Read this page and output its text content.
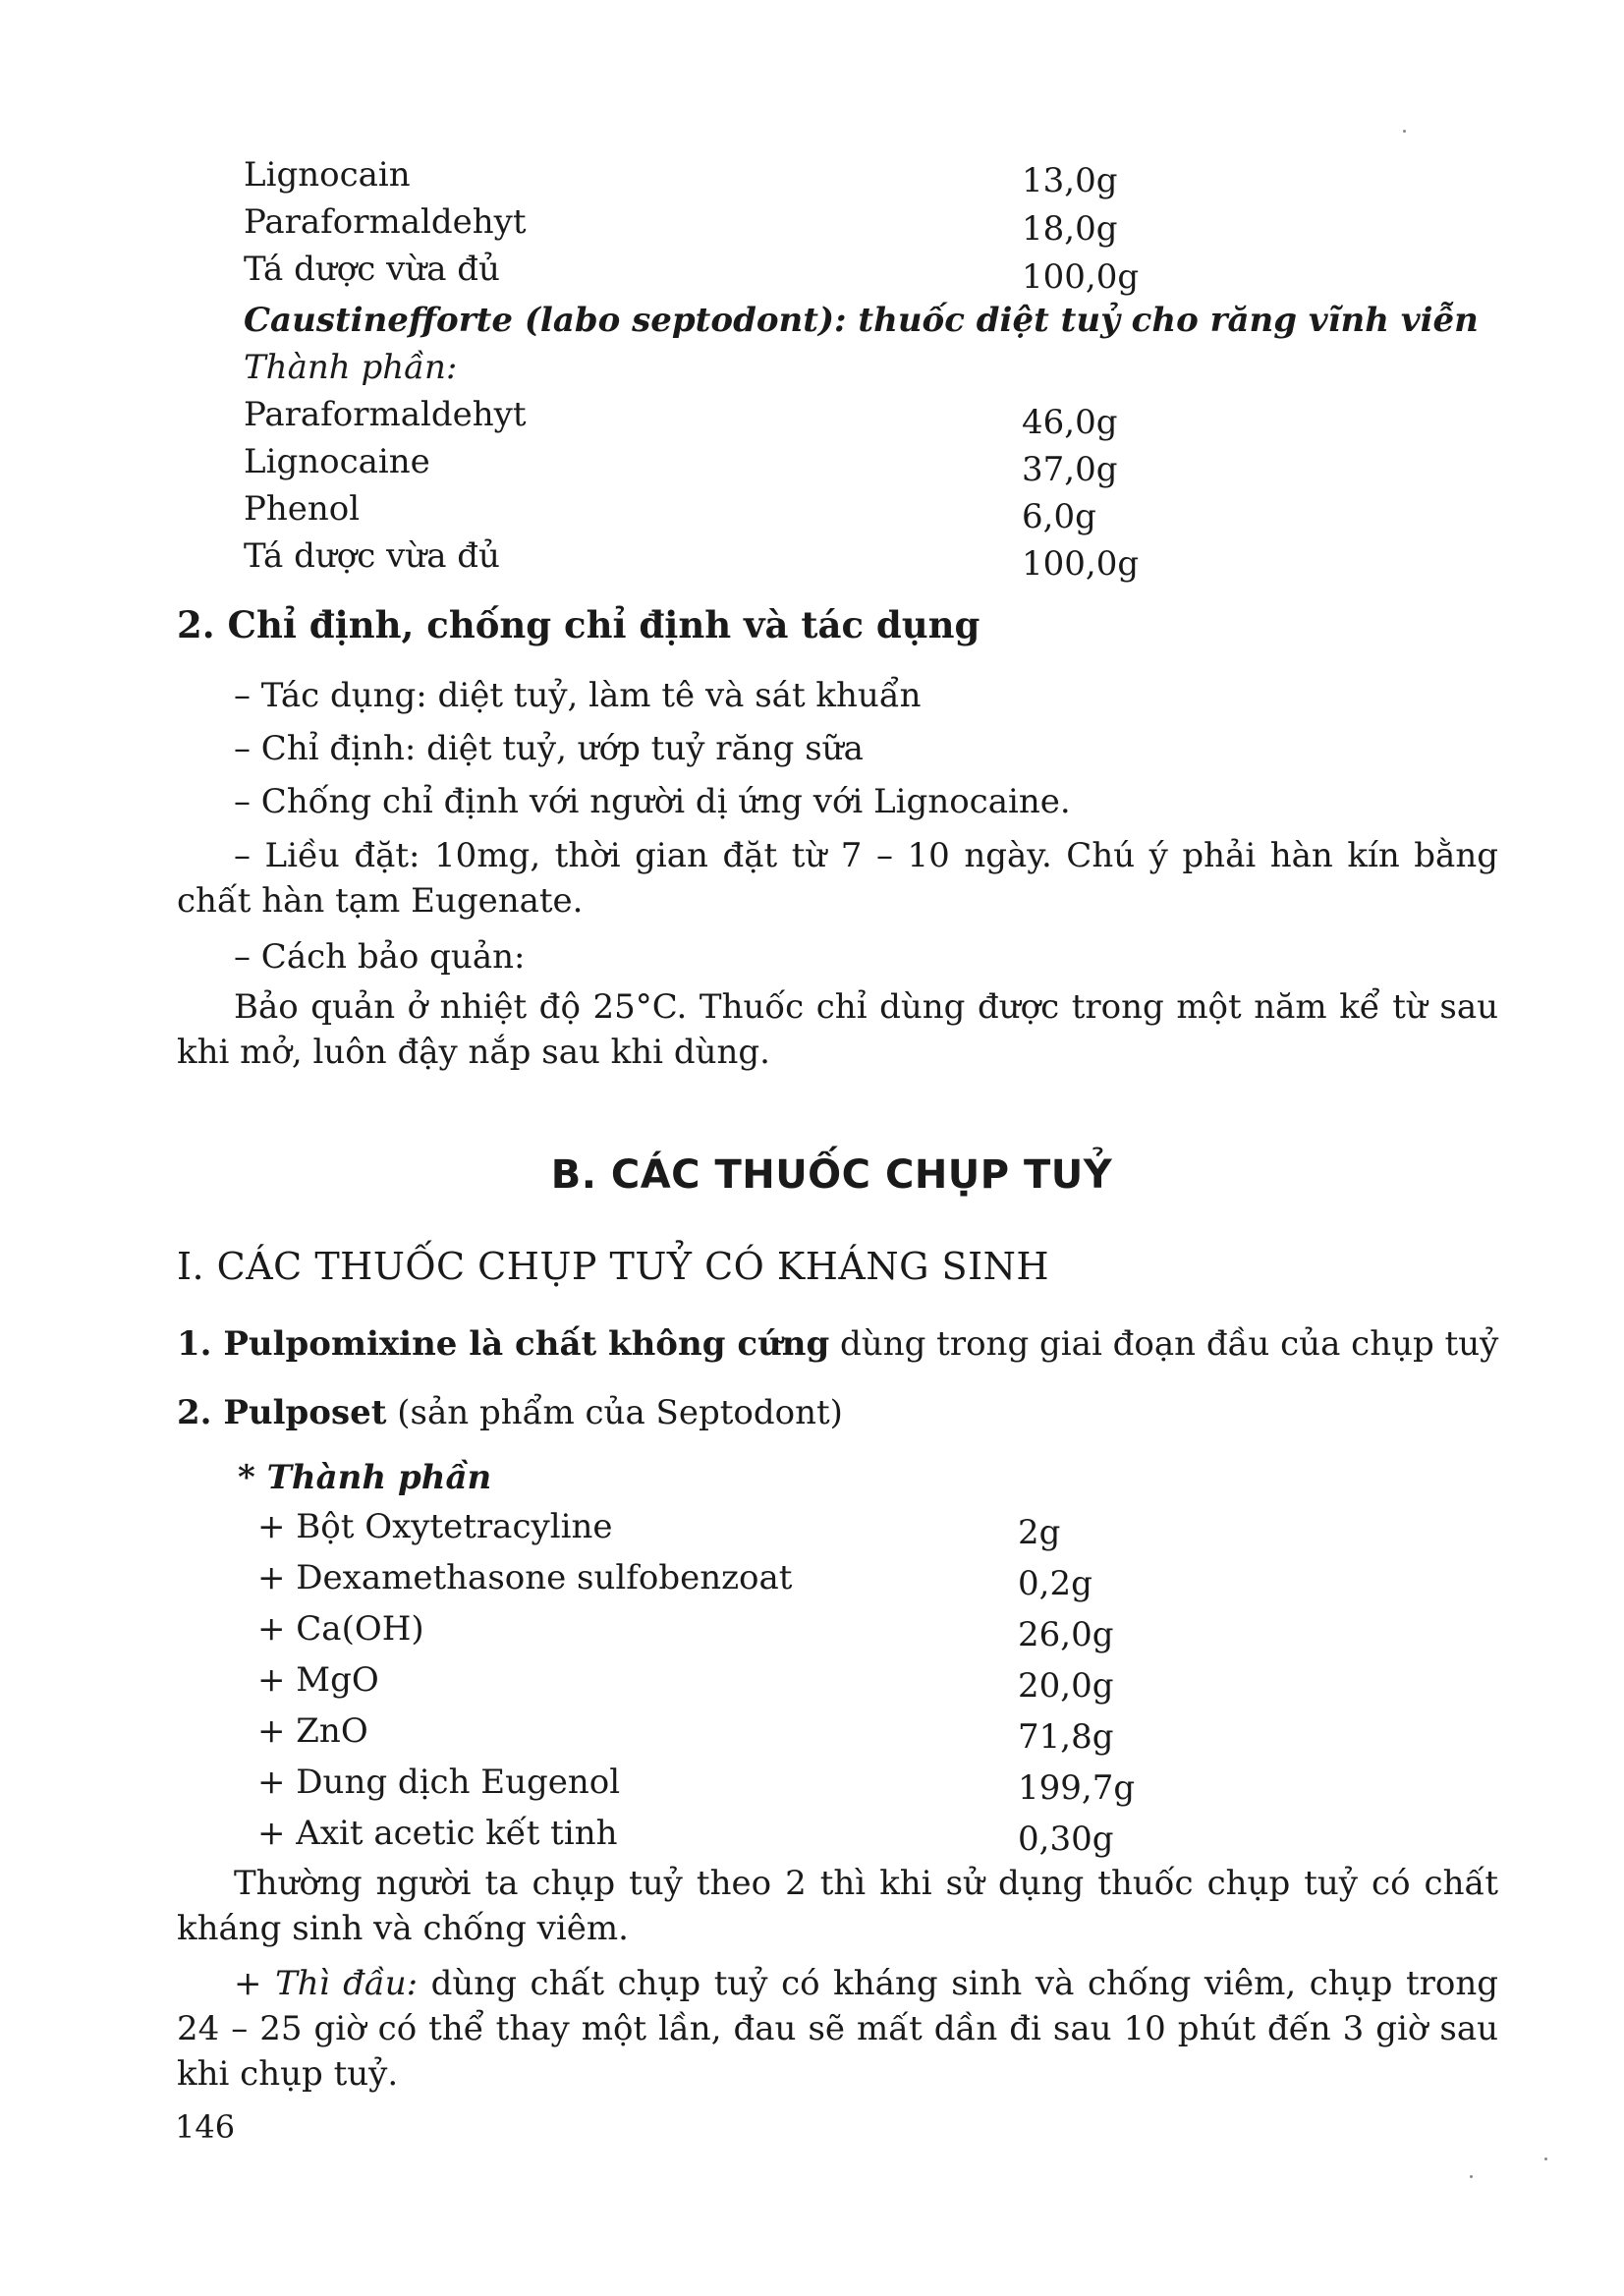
Lignocain	13,0g
Paraformaldehyt	18,0g
Tá dược vừa đủ	100,0g
Caustinefforte (labo septodont): thuốc diệt tuỷ cho răng vĩnh viễn
Thành phần:
Paraformaldehyt	46,0g
Lignocaine	37,0g
Phenol	6,0g
Tá dược vừa đủ	100,0g
2. Chỉ định, chống chỉ định và tác dụng
– Tác dụng: diệt tuỷ, làm tê và sát khuẩn
– Chỉ định: diệt tuỷ, ướp tuỷ răng sữa
– Chống chỉ định với người dị ứng với Lignocaine.
– Liều đặt: 10mg, thời gian đặt từ 7 – 10 ngày. Chú ý phải hàn kín bằng chất hàn tạm Eugenate.
– Cách bảo quản:
Bảo quản ở nhiệt độ 25°C. Thuốc chỉ dùng được trong một năm kể từ sau khi mở, luôn đậy nắp sau khi dùng.
B. CÁC THUỐC CHỤP TUỶ
I. CÁC THUỐC CHỤP TUỶ CÓ KHÁNG SINH
1. Pulpomixine là chất không cứng dùng trong giai đoạn đầu của chụp tuỷ
2. Pulposet (sản phẩm của Septodont)
* Thành phần
+ Bột Oxytetracyline	2g
+ Dexamethasone sulfobenzoat	0,2g
+ Ca(OH)	26,0g
+ MgO	20,0g
+ ZnO	71,8g
+ Dung dịch Eugenol	199,7g
+ Axit acetic kết tinh	0,30g
Thường người ta chụp tuỷ theo 2 thì khi sử dụng thuốc chụp tuỷ có chất kháng sinh và chống viêm.
+ Thì đầu: dùng chất chụp tuỷ có kháng sinh và chống viêm, chụp trong 24 – 25 giờ có thể thay một lần, đau sẽ mất dần đi sau 10 phút đến 3 giờ sau khi chụp tuỷ.
146
